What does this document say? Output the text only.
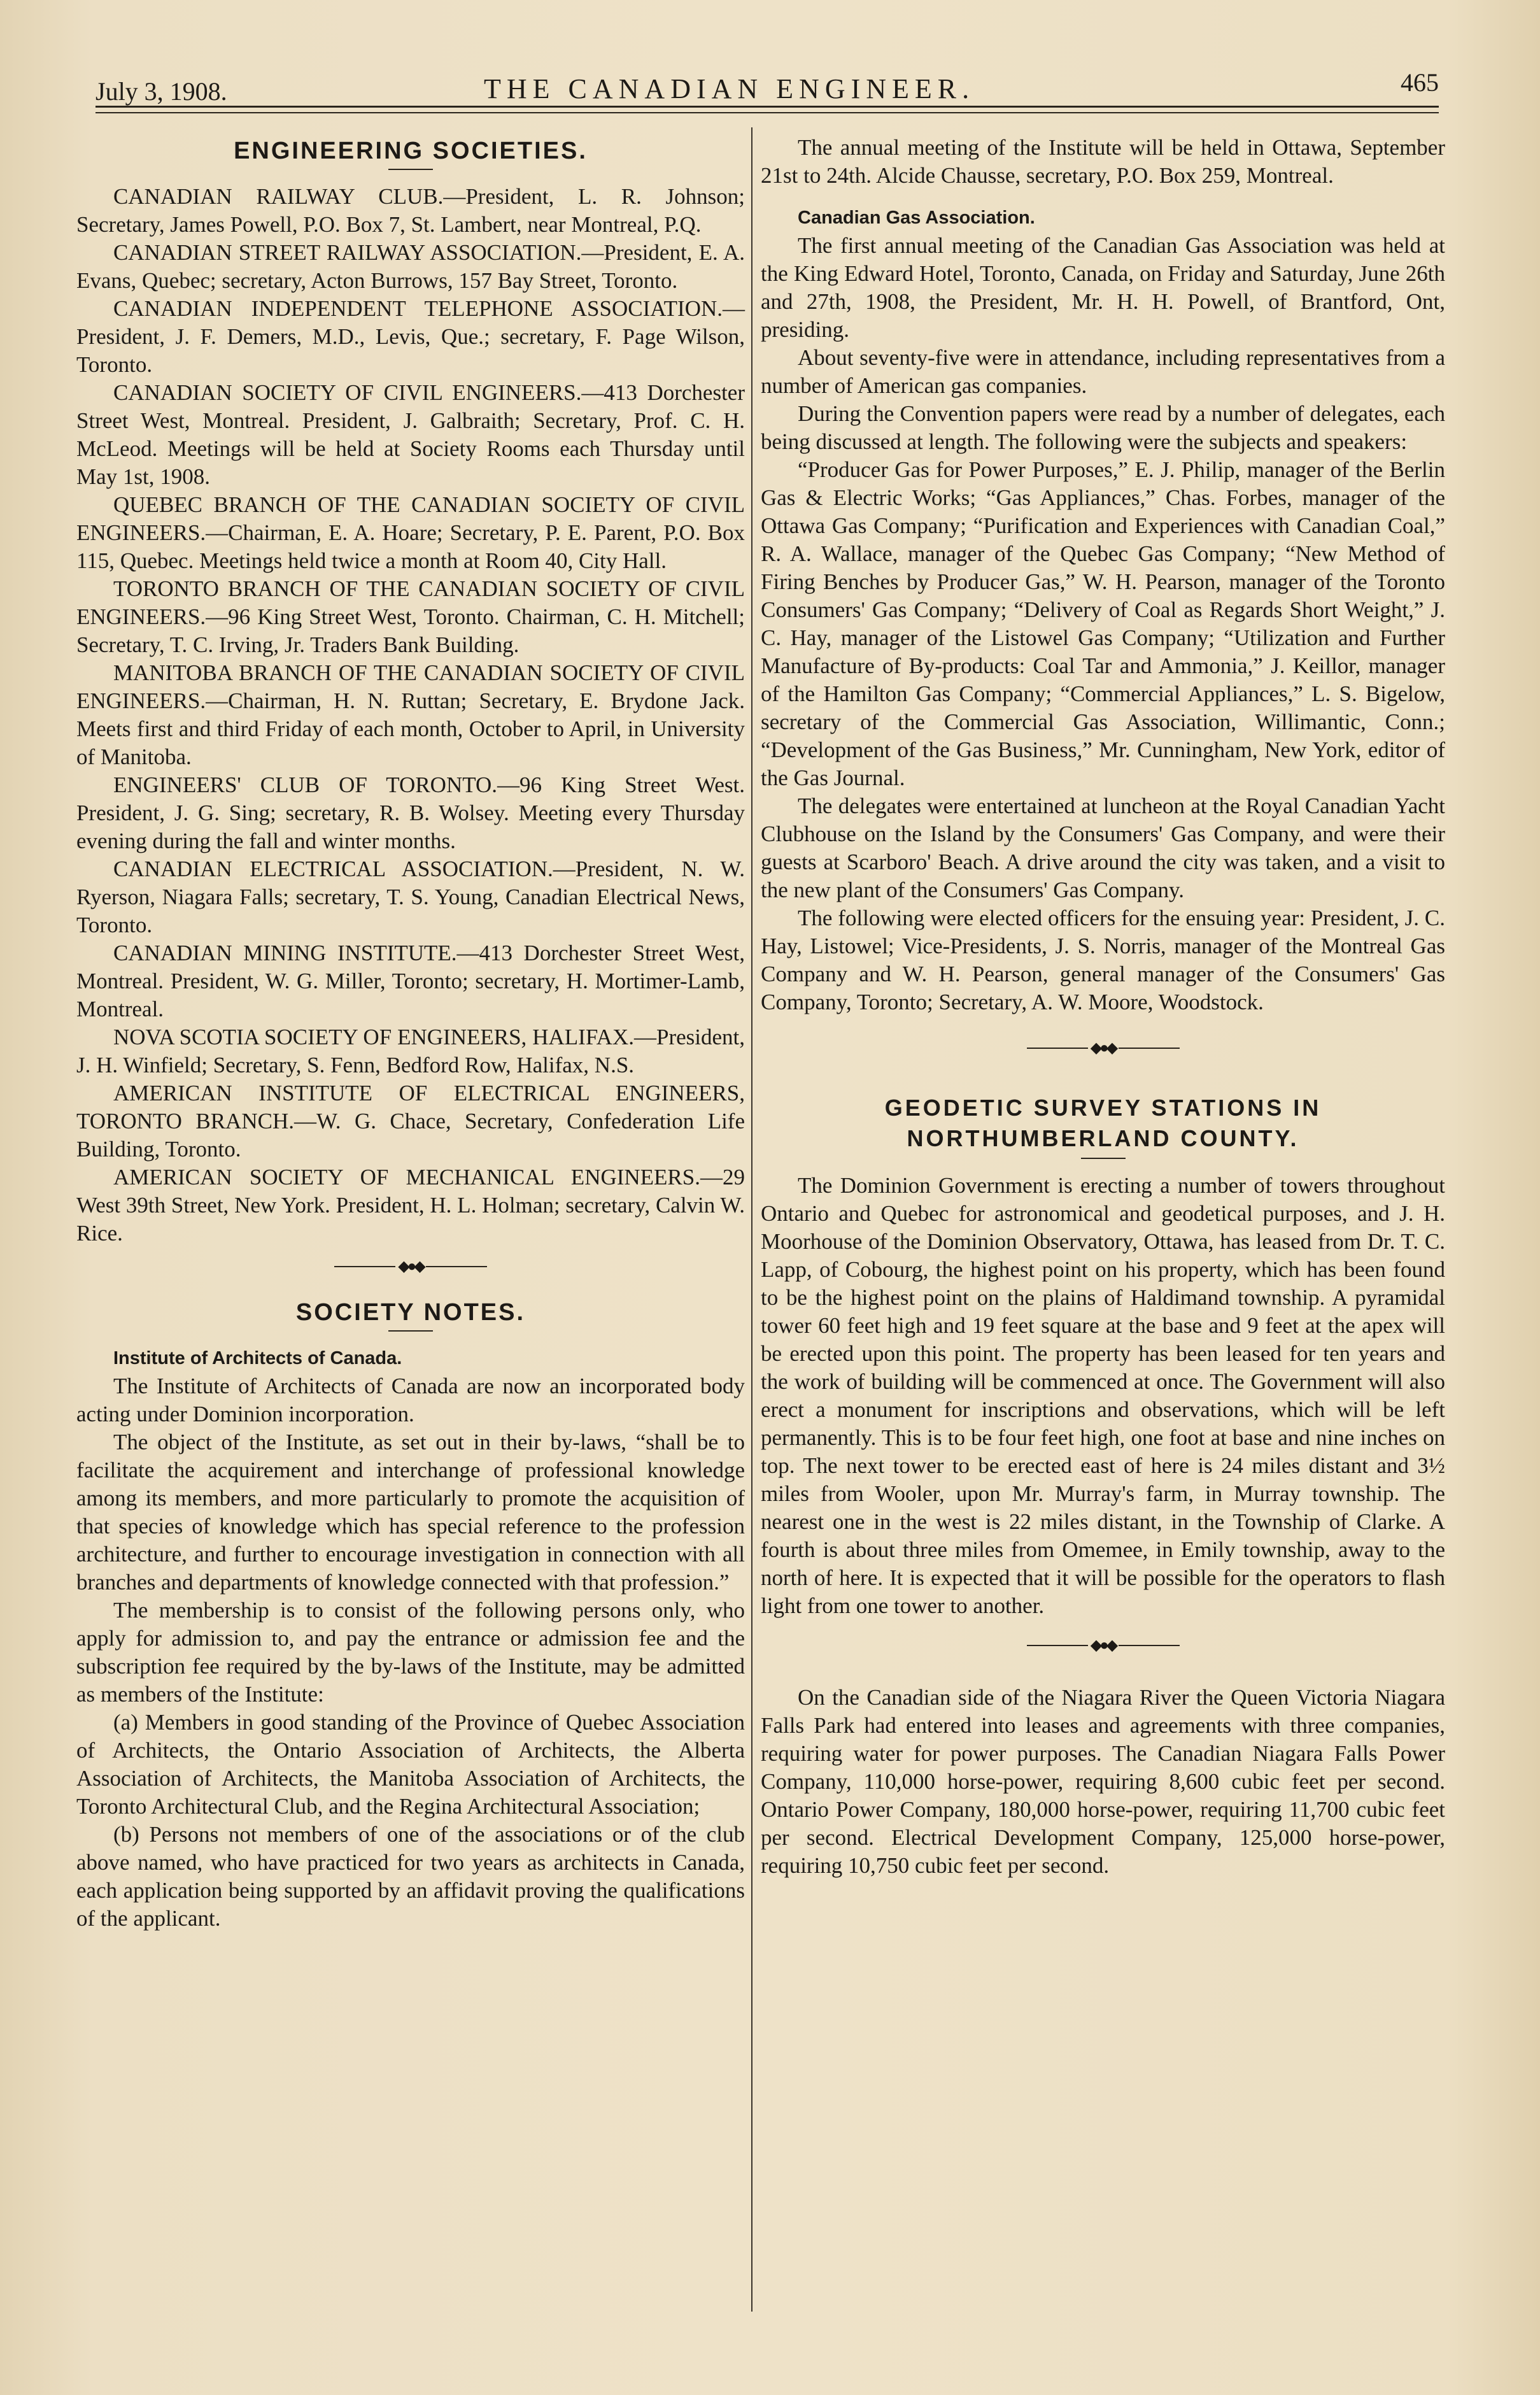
July 3, 1908.	THE CANADIAN ENGINEER.	465
ENGINEERING SOCIETIES.

CANADIAN RAILWAY CLUB.—President, L. R. Johnson; Secretary, James Powell, P.O. Box 7, St. Lambert, near Montreal, P.Q.

CANADIAN STREET RAILWAY ASSOCIATION.—President, E. A. Evans, Quebec; secretary, Acton Burrows, 157 Bay Street, Toronto.

CANADIAN INDEPENDENT TELEPHONE ASSOCIATION.—President, J. F. Demers, M.D., Levis, Que.; secretary, F. Page Wilson, Toronto.

CANADIAN SOCIETY OF CIVIL ENGINEERS.—413 Dorchester Street West, Montreal. President, J. Galbraith; Secretary, Prof. C. H. McLeod. Meetings will be held at Society Rooms each Thursday until May 1st, 1908.

QUEBEC BRANCH OF THE CANADIAN SOCIETY OF CIVIL ENGINEERS.—Chairman, E. A. Hoare; Secretary, P. E. Parent, P.O. Box 115, Quebec. Meetings held twice a month at Room 40, City Hall.

TORONTO BRANCH OF THE CANADIAN SOCIETY OF CIVIL ENGINEERS.—96 King Street West, Toronto. Chairman, C. H. Mitchell; Secretary, T. C. Irving, Jr. Traders Bank Building.

MANITOBA BRANCH OF THE CANADIAN SOCIETY OF CIVIL ENGINEERS.—Chairman, H. N. Ruttan; Secretary, E. Brydone Jack. Meets first and third Friday of each month, October to April, in University of Manitoba.

ENGINEERS' CLUB OF TORONTO.—96 King Street West. President, J. G. Sing; secretary, R. B. Wolsey. Meeting every Thursday evening during the fall and winter months.

CANADIAN ELECTRICAL ASSOCIATION.—President, N. W. Ryerson, Niagara Falls; secretary, T. S. Young, Canadian Electrical News, Toronto.

CANADIAN MINING INSTITUTE.—413 Dorchester Street West, Montreal. President, W. G. Miller, Toronto; secretary, H. Mortimer-Lamb, Montreal.

NOVA SCOTIA SOCIETY OF ENGINEERS, HALIFAX.—President, J. H. Winfield; Secretary, S. Fenn, Bedford Row, Halifax, N.S.

AMERICAN INSTITUTE OF ELECTRICAL ENGINEERS, TORONTO BRANCH.—W. G. Chace, Secretary, Confederation Life Building, Toronto.

AMERICAN SOCIETY OF MECHANICAL ENGINEERS.—29 West 39th Street, New York. President, H. L. Holman; secretary, Calvin W. Rice.

◆●◆
SOCIETY NOTES.

Institute of Architects of Canada.

The Institute of Architects of Canada are now an incorporated body acting under Dominion incorporation.

The object of the Institute, as set out in their by-laws, “shall be to facilitate the acquirement and interchange of professional knowledge among its members, and more particularly to promote the acquisition of that species of knowledge which has special reference to the profession architecture, and further to encourage investigation in connection with all branches and departments of knowledge connected with that profession.”

The membership is to consist of the following persons only, who apply for admission to, and pay the entrance or admission fee and the subscription fee required by the by-laws of the Institute, may be admitted as members of the Institute:

(a) Members in good standing of the Province of Quebec Association of Architects, the Ontario Association of Architects, the Alberta Association of Architects, the Manitoba Association of Architects, the Toronto Architectural Club, and the Regina Architectural Association;

(b) Persons not members of one of the associations or of the club above named, who have practiced for two years as architects in Canada, each application being supported by an affidavit proving the qualifications of the applicant.

The annual meeting of the Institute will be held in Ottawa, September 21st to 24th. Alcide Chausse, secretary, P.O. Box 259, Montreal.

Canadian Gas Association.

The first annual meeting of the Canadian Gas Association was held at the King Edward Hotel, Toronto, Canada, on Friday and Saturday, June 26th and 27th, 1908, the President, Mr. H. H. Powell, of Brantford, Ont, presiding.

About seventy-five were in attendance, including representatives from a number of American gas companies.

During the Convention papers were read by a number of delegates, each being discussed at length. The following were the subjects and speakers:

“Producer Gas for Power Purposes,” E. J. Philip, manager of the Berlin Gas & Electric Works; “Gas Appliances,” Chas. Forbes, manager of the Ottawa Gas Company; “Purification and Experiences with Canadian Coal,” R. A. Wallace, manager of the Quebec Gas Company; “New Method of Firing Benches by Producer Gas,” W. H. Pearson, manager of the Toronto Consumers' Gas Company; “Delivery of Coal as Regards Short Weight,” J. C. Hay, manager of the Listowel Gas Company; “Utilization and Further Manufacture of By-products: Coal Tar and Ammonia,” J. Keillor, manager of the Hamilton Gas Company; “Commercial Appliances,” L. S. Bigelow, secretary of the Commercial Gas Association, Willimantic, Conn.; “Development of the Gas Business,” Mr. Cunningham, New York, editor of the Gas Journal.

The delegates were entertained at luncheon at the Royal Canadian Yacht Clubhouse on the Island by the Consumers' Gas Company, and were their guests at Scarboro' Beach. A drive around the city was taken, and a visit to the new plant of the Consumers' Gas Company.

The following were elected officers for the ensuing year: President, J. C. Hay, Listowel; Vice-Presidents, J. S. Norris, manager of the Montreal Gas Company and W. H. Pearson, general manager of the Consumers' Gas Company, Toronto; Secretary, A. W. Moore, Woodstock.

◆●◆
GEODETIC SURVEY STATIONS IN NORTHUMBERLAND COUNTY.

The Dominion Government is erecting a number of towers throughout Ontario and Quebec for astronomical and geodetical purposes, and J. H. Moorhouse of the Dominion Observatory, Ottawa, has leased from Dr. T. C. Lapp, of Cobourg, the highest point on his property, which has been found to be the highest point on the plains of Haldimand township. A pyramidal tower 60 feet high and 19 feet square at the base and 9 feet at the apex will be erected upon this point. The property has been leased for ten years and the work of building will be commenced at once. The Government will also erect a monument for inscriptions and observations, which will be left permanently. This is to be four feet high, one foot at base and nine inches on top. The next tower to be erected east of here is 24 miles distant and 3½ miles from Wooler, upon Mr. Murray's farm, in Murray township. The nearest one in the west is 22 miles distant, in the Township of Clarke. A fourth is about three miles from Omemee, in Emily township, away to the north of here. It is expected that it will be possible for the operators to flash light from one tower to another.

◆●◆

On the Canadian side of the Niagara River the Queen Victoria Niagara Falls Park had entered into leases and agreements with three companies, requiring water for power purposes. The Canadian Niagara Falls Power Company, 110,000 horse-power, requiring 8,600 cubic feet per second. Ontario Power Company, 180,000 horse-power, requiring 11,700 cubic feet per second. Electrical Development Company, 125,000 horse-power, requiring 10,750 cubic feet per second.
